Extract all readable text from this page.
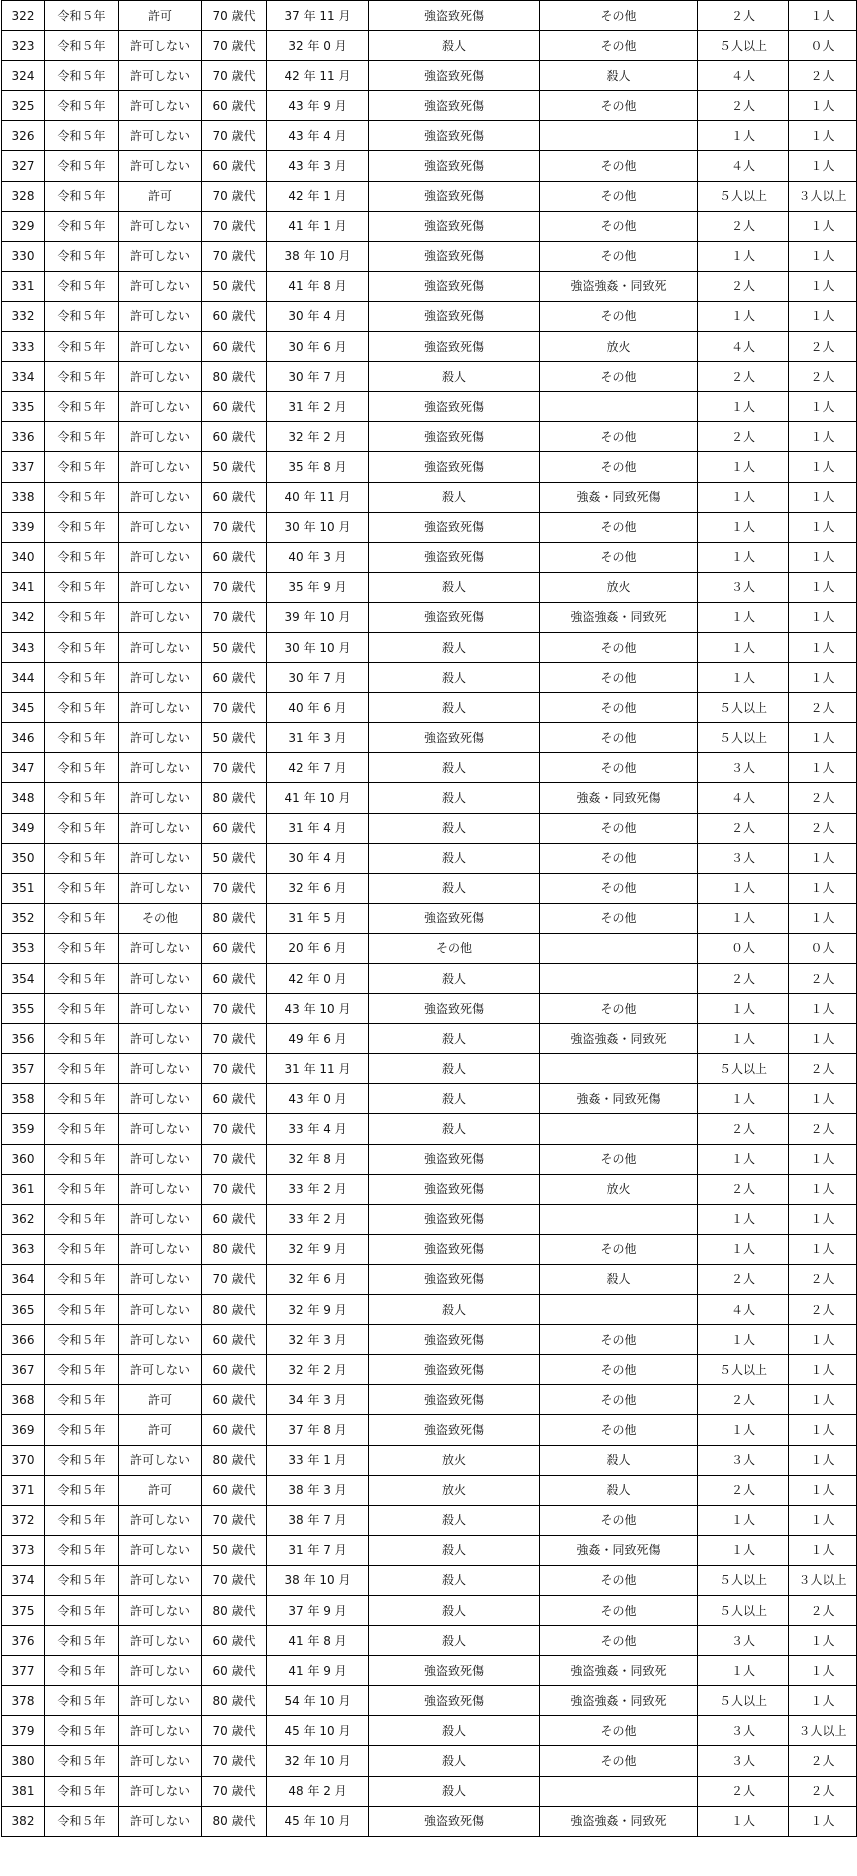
322	令和５年	許可	70 歳代	37 年 11 月	強盗致死傷	その他	２人	１人
323	令和５年	許可しない	70 歳代	32 年 0 月	殺人	その他	５人以上	０人
324	令和５年	許可しない	70 歳代	42 年 11 月	強盗致死傷	殺人	４人	２人
325	令和５年	許可しない	60 歳代	43 年 9 月	強盗致死傷	その他	２人	１人
326	令和５年	許可しない	70 歳代	43 年 4 月	強盗致死傷		１人	１人
327	令和５年	許可しない	60 歳代	43 年 3 月	強盗致死傷	その他	４人	１人
328	令和５年	許可	70 歳代	42 年 1 月	強盗致死傷	その他	５人以上	３人以上
329	令和５年	許可しない	70 歳代	41 年 1 月	強盗致死傷	その他	２人	１人
330	令和５年	許可しない	70 歳代	38 年 10 月	強盗致死傷	その他	１人	１人
331	令和５年	許可しない	50 歳代	41 年 8 月	強盗致死傷	強盗強姦・同致死	２人	１人
332	令和５年	許可しない	60 歳代	30 年 4 月	強盗致死傷	その他	１人	１人
333	令和５年	許可しない	60 歳代	30 年 6 月	強盗致死傷	放火	４人	２人
334	令和５年	許可しない	80 歳代	30 年 7 月	殺人	その他	２人	２人
335	令和５年	許可しない	60 歳代	31 年 2 月	強盗致死傷		１人	１人
336	令和５年	許可しない	60 歳代	32 年 2 月	強盗致死傷	その他	２人	１人
337	令和５年	許可しない	50 歳代	35 年 8 月	強盗致死傷	その他	１人	１人
338	令和５年	許可しない	60 歳代	40 年 11 月	殺人	強姦・同致死傷	１人	１人
339	令和５年	許可しない	70 歳代	30 年 10 月	強盗致死傷	その他	１人	１人
340	令和５年	許可しない	60 歳代	40 年 3 月	強盗致死傷	その他	１人	１人
341	令和５年	許可しない	70 歳代	35 年 9 月	殺人	放火	３人	１人
342	令和５年	許可しない	70 歳代	39 年 10 月	強盗致死傷	強盗強姦・同致死	１人	１人
343	令和５年	許可しない	50 歳代	30 年 10 月	殺人	その他	１人	１人
344	令和５年	許可しない	60 歳代	30 年 7 月	殺人	その他	１人	１人
345	令和５年	許可しない	70 歳代	40 年 6 月	殺人	その他	５人以上	２人
346	令和５年	許可しない	50 歳代	31 年 3 月	強盗致死傷	その他	５人以上	１人
347	令和５年	許可しない	70 歳代	42 年 7 月	殺人	その他	３人	１人
348	令和５年	許可しない	80 歳代	41 年 10 月	殺人	強姦・同致死傷	４人	２人
349	令和５年	許可しない	60 歳代	31 年 4 月	殺人	その他	２人	２人
350	令和５年	許可しない	50 歳代	30 年 4 月	殺人	その他	３人	１人
351	令和５年	許可しない	70 歳代	32 年 6 月	殺人	その他	１人	１人
352	令和５年	その他	80 歳代	31 年 5 月	強盗致死傷	その他	１人	１人
353	令和５年	許可しない	60 歳代	20 年 6 月	その他		０人	０人
354	令和５年	許可しない	60 歳代	42 年 0 月	殺人		２人	２人
355	令和５年	許可しない	70 歳代	43 年 10 月	強盗致死傷	その他	１人	１人
356	令和５年	許可しない	70 歳代	49 年 6 月	殺人	強盗強姦・同致死	１人	１人
357	令和５年	許可しない	70 歳代	31 年 11 月	殺人		５人以上	２人
358	令和５年	許可しない	60 歳代	43 年 0 月	殺人	強姦・同致死傷	１人	１人
359	令和５年	許可しない	70 歳代	33 年 4 月	殺人		２人	２人
360	令和５年	許可しない	70 歳代	32 年 8 月	強盗致死傷	その他	１人	１人
361	令和５年	許可しない	70 歳代	33 年 2 月	強盗致死傷	放火	２人	１人
362	令和５年	許可しない	60 歳代	33 年 2 月	強盗致死傷		１人	１人
363	令和５年	許可しない	80 歳代	32 年 9 月	強盗致死傷	その他	１人	１人
364	令和５年	許可しない	70 歳代	32 年 6 月	強盗致死傷	殺人	２人	２人
365	令和５年	許可しない	80 歳代	32 年 9 月	殺人		４人	２人
366	令和５年	許可しない	60 歳代	32 年 3 月	強盗致死傷	その他	１人	１人
367	令和５年	許可しない	60 歳代	32 年 2 月	強盗致死傷	その他	５人以上	１人
368	令和５年	許可	60 歳代	34 年 3 月	強盗致死傷	その他	２人	１人
369	令和５年	許可	60 歳代	37 年 8 月	強盗致死傷	その他	１人	１人
370	令和５年	許可しない	80 歳代	33 年 1 月	放火	殺人	３人	１人
371	令和５年	許可	60 歳代	38 年 3 月	放火	殺人	２人	１人
372	令和５年	許可しない	70 歳代	38 年 7 月	殺人	その他	１人	１人
373	令和５年	許可しない	50 歳代	31 年 7 月	殺人	強姦・同致死傷	１人	１人
374	令和５年	許可しない	70 歳代	38 年 10 月	殺人	その他	５人以上	３人以上
375	令和５年	許可しない	80 歳代	37 年 9 月	殺人	その他	５人以上	２人
376	令和５年	許可しない	60 歳代	41 年 8 月	殺人	その他	３人	１人
377	令和５年	許可しない	60 歳代	41 年 9 月	強盗致死傷	強盗強姦・同致死	１人	１人
378	令和５年	許可しない	80 歳代	54 年 10 月	強盗致死傷	強盗強姦・同致死	５人以上	１人
379	令和５年	許可しない	70 歳代	45 年 10 月	殺人	その他	３人	３人以上
380	令和５年	許可しない	70 歳代	32 年 10 月	殺人	その他	３人	２人
381	令和５年	許可しない	70 歳代	48 年 2 月	殺人		２人	２人
382	令和５年	許可しない	80 歳代	45 年 10 月	強盗致死傷	強盗強姦・同致死	１人	１人
